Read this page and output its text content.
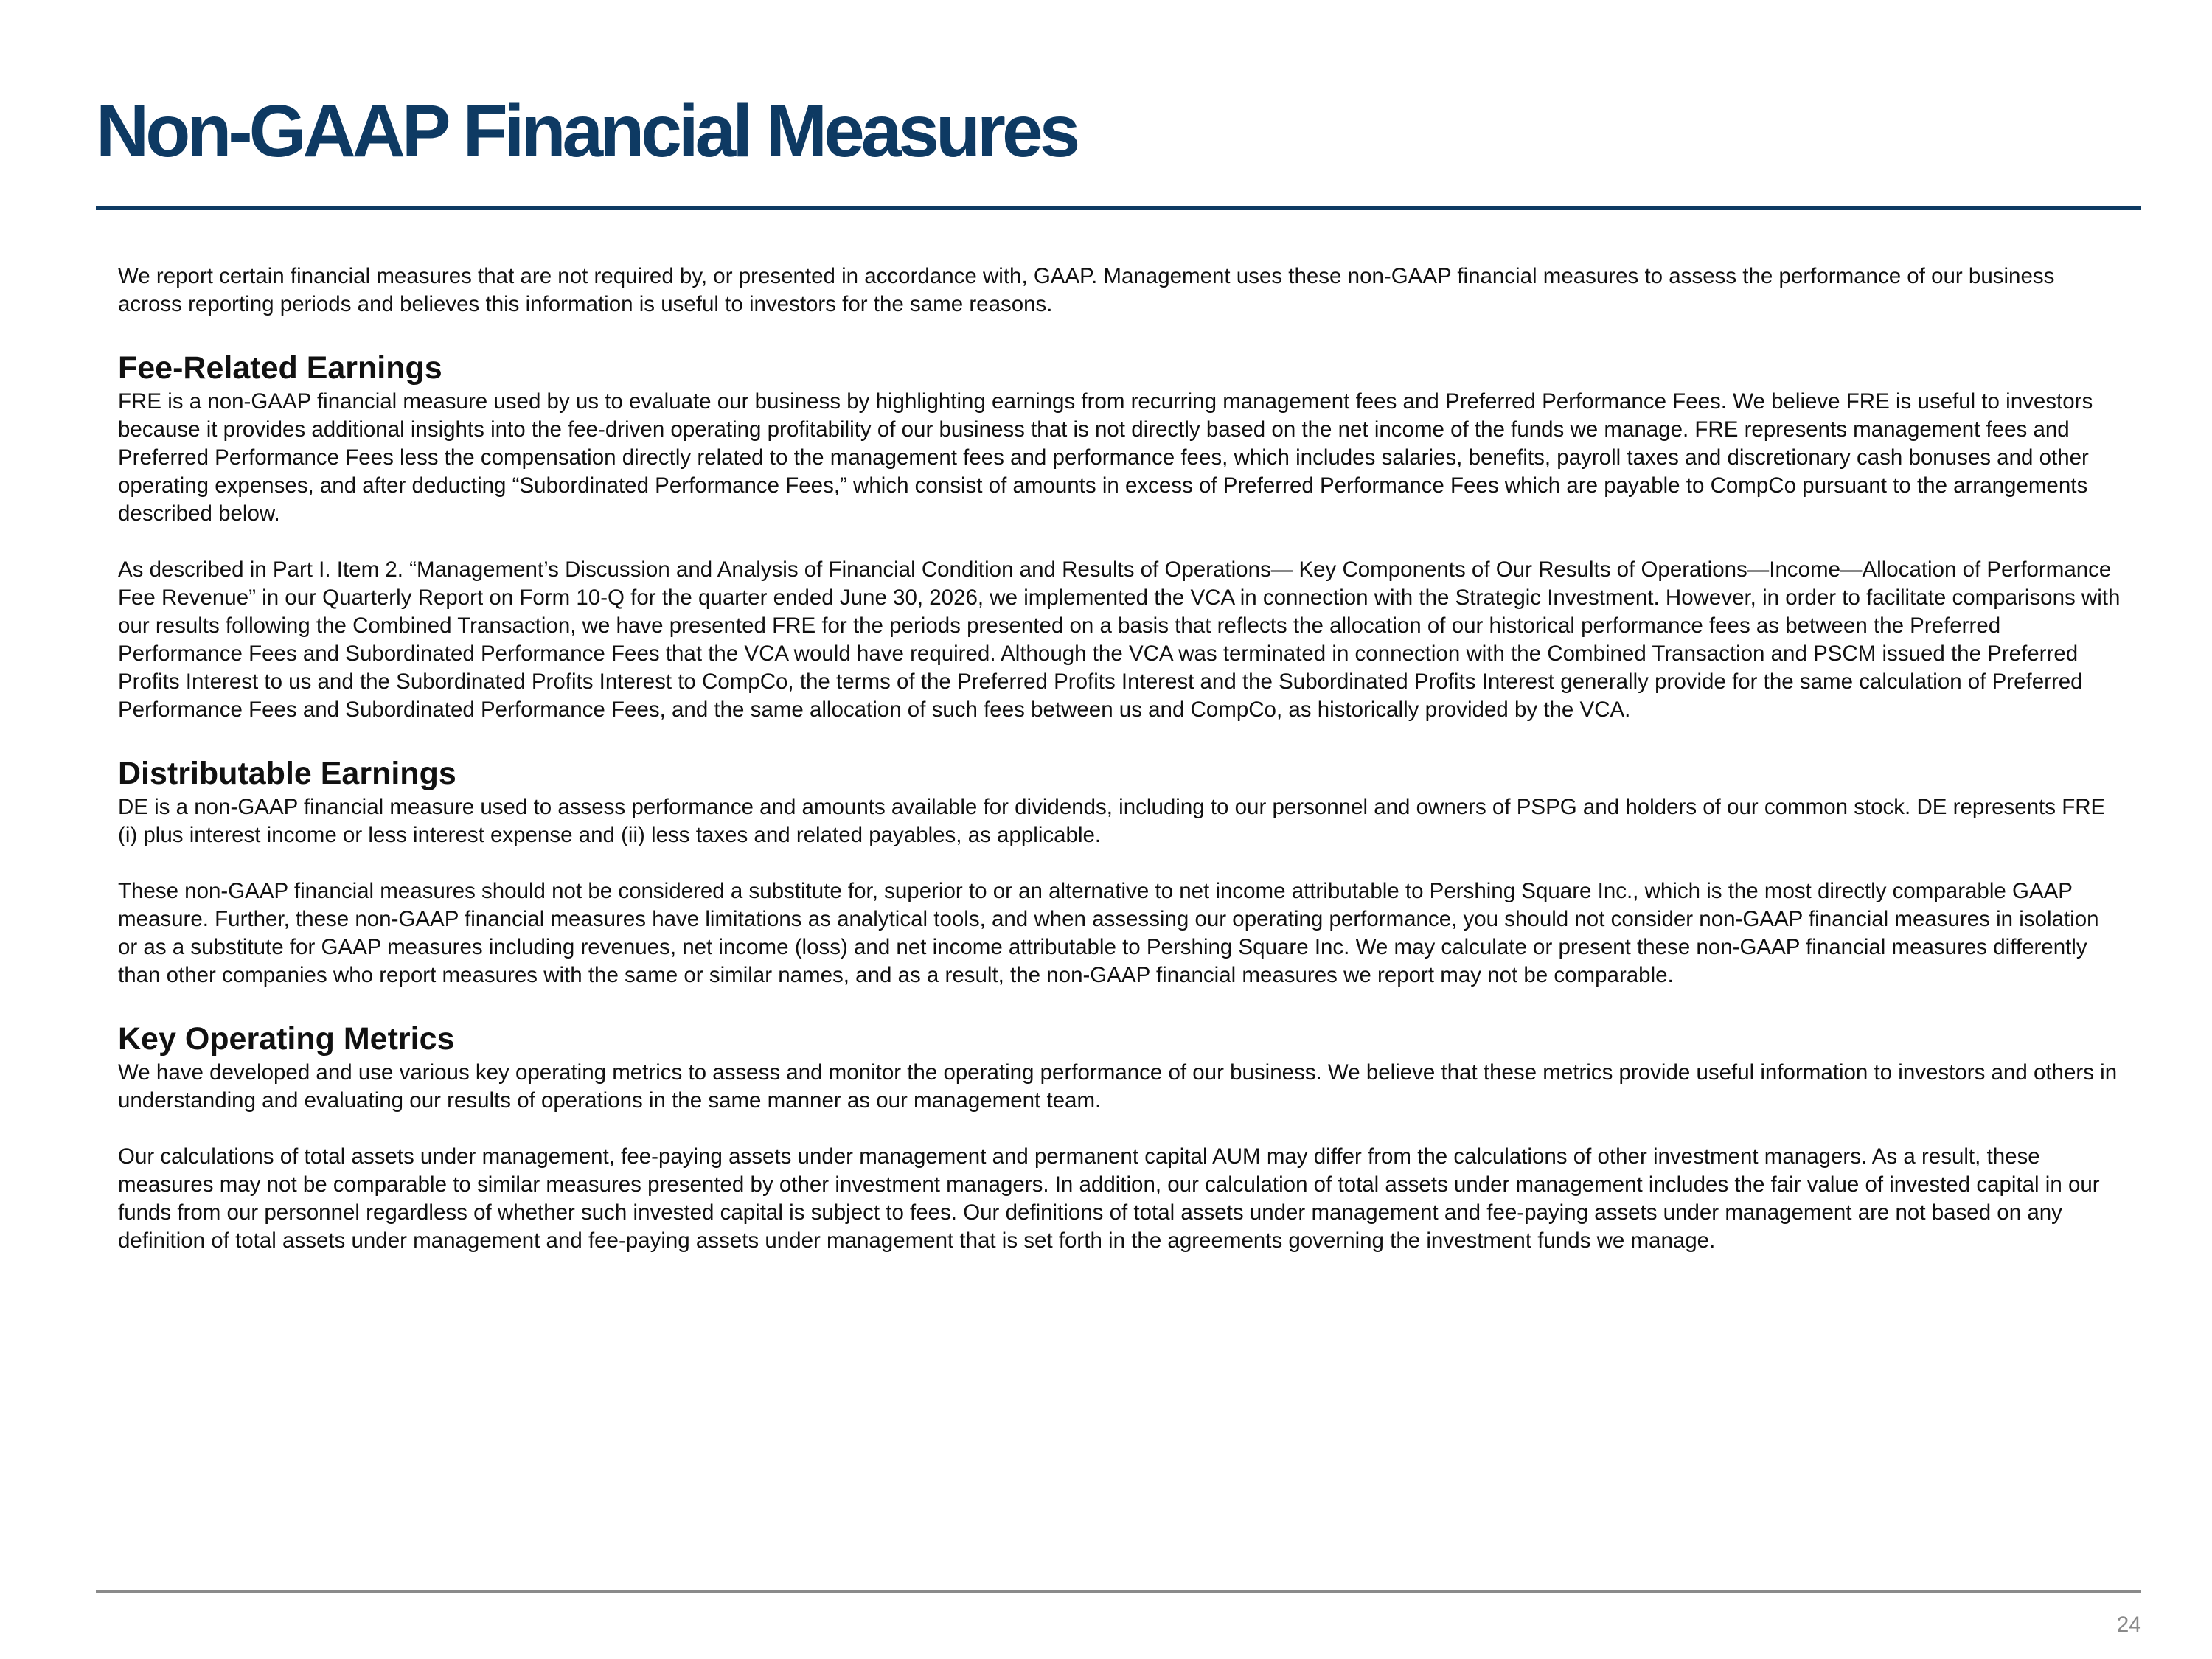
Non-GAAP Financial Measures

We report certain financial measures that are not required by, or presented in accordance with, GAAP. Management uses these non-GAAP financial measures to assess the performance of our business across reporting periods and believes this information is useful to investors for the same reasons.

Fee-Related Earnings

FRE is a non-GAAP financial measure used by us to evaluate our business by highlighting earnings from recurring management fees and Preferred Performance Fees. We believe FRE is useful to investors because it provides additional insights into the fee-driven operating profitability of our business that is not directly based on the net income of the funds we manage. FRE represents management fees and Preferred Performance Fees less the compensation directly related to the management fees and performance fees, which includes salaries, benefits, payroll taxes and discretionary cash bonuses and other operating expenses, and after deducting “Subordinated Performance Fees,” which consist of amounts in excess of Preferred Performance Fees which are payable to CompCo pursuant to the arrangements described below.

As described in Part I. Item 2. “Management’s Discussion and Analysis of Financial Condition and Results of Operations— Key Components of Our Results of Operations—Income—Allocation of Performance Fee Revenue” in our Quarterly Report on Form 10-Q for the quarter ended June 30, 2026, we implemented the VCA in connection with the Strategic Investment. However, in order to facilitate comparisons with our results following the Combined Transaction, we have presented FRE for the periods presented on a basis that reflects the allocation of our historical performance fees as between the Preferred Performance Fees and Subordinated Performance Fees that the VCA would have required. Although the VCA was terminated in connection with the Combined Transaction and PSCM issued the Preferred Profits Interest to us and the Subordinated Profits Interest to CompCo, the terms of the Preferred Profits Interest and the Subordinated Profits Interest generally provide for the same calculation of Preferred Performance Fees and Subordinated Performance Fees, and the same allocation of such fees between us and CompCo, as historically provided by the VCA.

Distributable Earnings

DE is a non-GAAP financial measure used to assess performance and amounts available for dividends, including to our personnel and owners of PSPG and holders of our common stock. DE represents FRE (i) plus interest income or less interest expense and (ii) less taxes and related payables, as applicable.

These non-GAAP financial measures should not be considered a substitute for, superior to or an alternative to net income attributable to Pershing Square Inc., which is the most directly comparable GAAP measure. Further, these non-GAAP financial measures have limitations as analytical tools, and when assessing our operating performance, you should not consider non-GAAP financial measures in isolation or as a substitute for GAAP measures including revenues, net income (loss) and net income attributable to Pershing Square Inc. We may calculate or present these non-GAAP financial measures differently than other companies who report measures with the same or similar names, and as a result, the non-GAAP financial measures we report may not be comparable.

Key Operating Metrics

We have developed and use various key operating metrics to assess and monitor the operating performance of our business. We believe that these metrics provide useful information to investors and others in understanding and evaluating our results of operations in the same manner as our management team.

Our calculations of total assets under management, fee-paying assets under management and permanent capital AUM may differ from the calculations of other investment managers. As a result, these measures may not be comparable to similar measures presented by other investment managers. In addition, our calculation of total assets under management includes the fair value of invested capital in our funds from our personnel regardless of whether such invested capital is subject to fees. Our definitions of total assets under management and fee-paying assets under management are not based on any definition of total assets under management and fee-paying assets under management that is set forth in the agreements governing the investment funds we manage.

24
